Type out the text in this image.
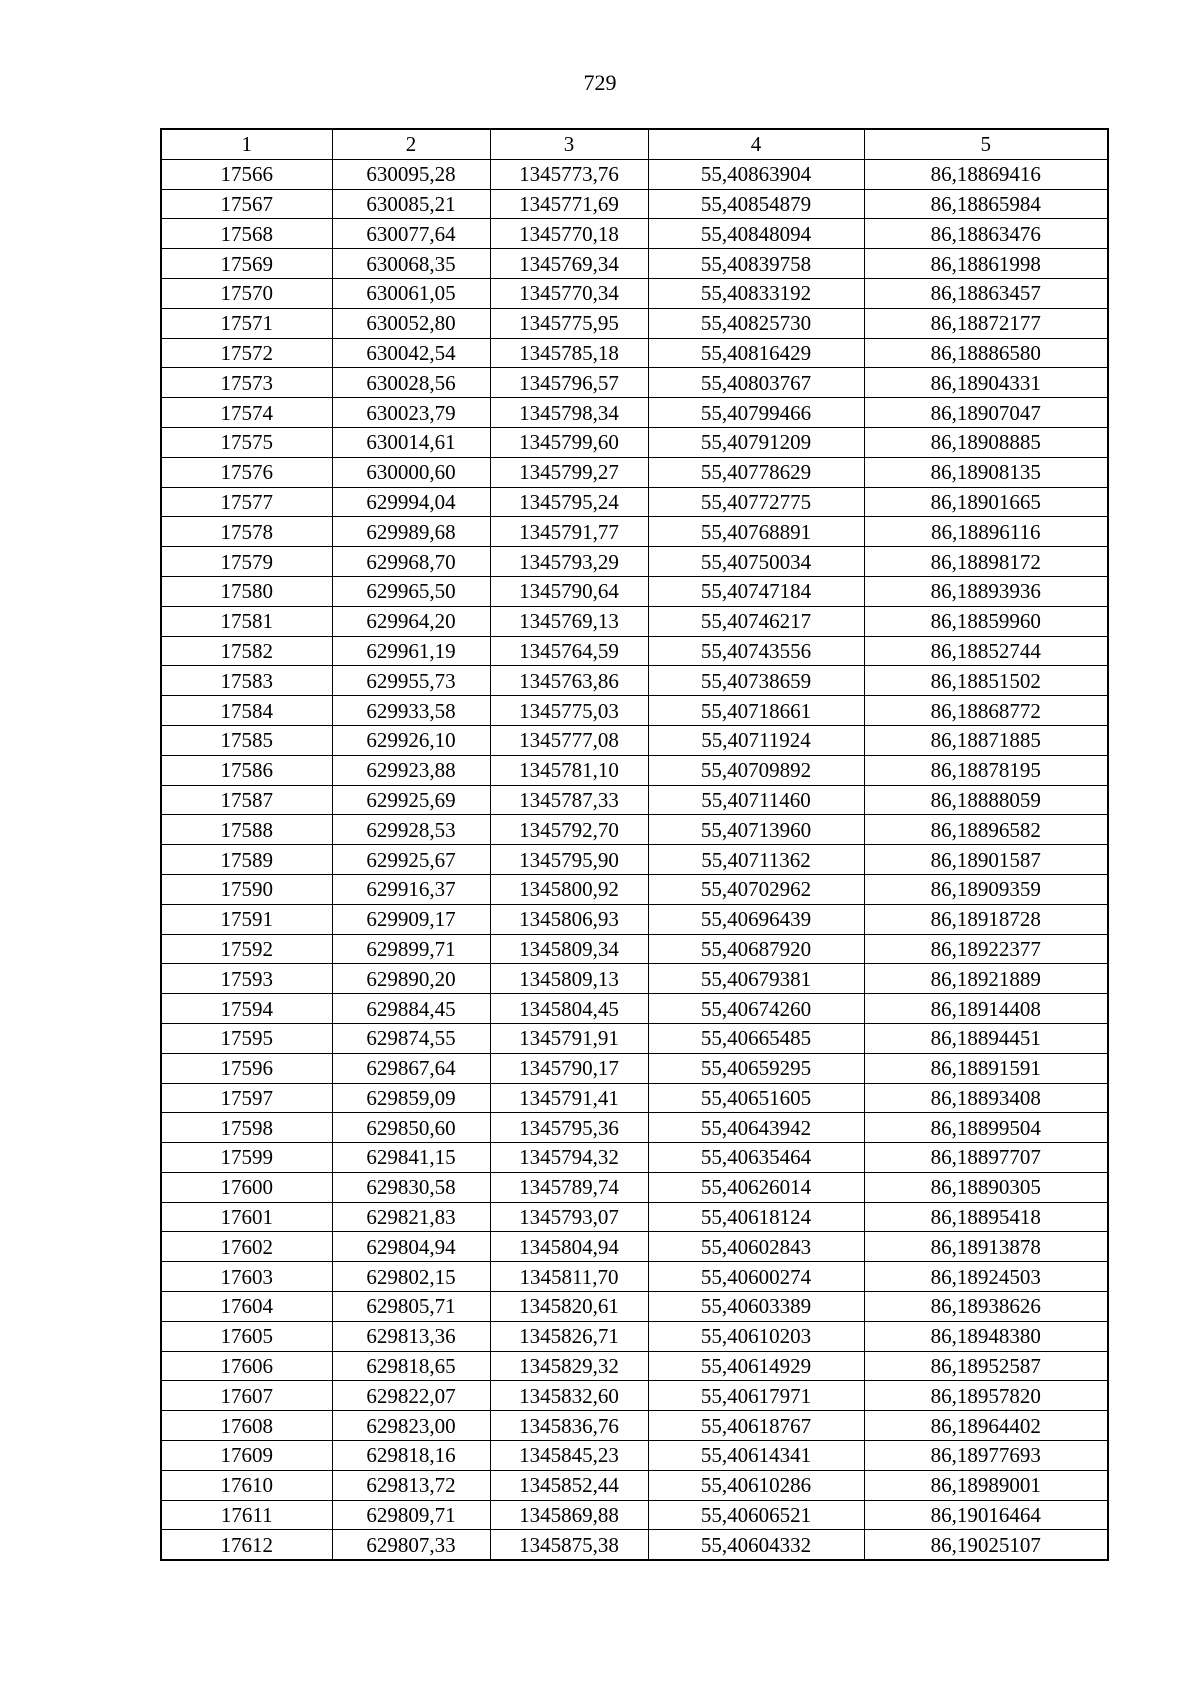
729
1	2	3	4	5
17566	630095,28	1345773,76	55,40863904	86,18869416
17567	630085,21	1345771,69	55,40854879	86,18865984
17568	630077,64	1345770,18	55,40848094	86,18863476
17569	630068,35	1345769,34	55,40839758	86,18861998
17570	630061,05	1345770,34	55,40833192	86,18863457
17571	630052,80	1345775,95	55,40825730	86,18872177
17572	630042,54	1345785,18	55,40816429	86,18886580
17573	630028,56	1345796,57	55,40803767	86,18904331
17574	630023,79	1345798,34	55,40799466	86,18907047
17575	630014,61	1345799,60	55,40791209	86,18908885
17576	630000,60	1345799,27	55,40778629	86,18908135
17577	629994,04	1345795,24	55,40772775	86,18901665
17578	629989,68	1345791,77	55,40768891	86,18896116
17579	629968,70	1345793,29	55,40750034	86,18898172
17580	629965,50	1345790,64	55,40747184	86,18893936
17581	629964,20	1345769,13	55,40746217	86,18859960
17582	629961,19	1345764,59	55,40743556	86,18852744
17583	629955,73	1345763,86	55,40738659	86,18851502
17584	629933,58	1345775,03	55,40718661	86,18868772
17585	629926,10	1345777,08	55,40711924	86,18871885
17586	629923,88	1345781,10	55,40709892	86,18878195
17587	629925,69	1345787,33	55,40711460	86,18888059
17588	629928,53	1345792,70	55,40713960	86,18896582
17589	629925,67	1345795,90	55,40711362	86,18901587
17590	629916,37	1345800,92	55,40702962	86,18909359
17591	629909,17	1345806,93	55,40696439	86,18918728
17592	629899,71	1345809,34	55,40687920	86,18922377
17593	629890,20	1345809,13	55,40679381	86,18921889
17594	629884,45	1345804,45	55,40674260	86,18914408
17595	629874,55	1345791,91	55,40665485	86,18894451
17596	629867,64	1345790,17	55,40659295	86,18891591
17597	629859,09	1345791,41	55,40651605	86,18893408
17598	629850,60	1345795,36	55,40643942	86,18899504
17599	629841,15	1345794,32	55,40635464	86,18897707
17600	629830,58	1345789,74	55,40626014	86,18890305
17601	629821,83	1345793,07	55,40618124	86,18895418
17602	629804,94	1345804,94	55,40602843	86,18913878
17603	629802,15	1345811,70	55,40600274	86,18924503
17604	629805,71	1345820,61	55,40603389	86,18938626
17605	629813,36	1345826,71	55,40610203	86,18948380
17606	629818,65	1345829,32	55,40614929	86,18952587
17607	629822,07	1345832,60	55,40617971	86,18957820
17608	629823,00	1345836,76	55,40618767	86,18964402
17609	629818,16	1345845,23	55,40614341	86,18977693
17610	629813,72	1345852,44	55,40610286	86,18989001
17611	629809,71	1345869,88	55,40606521	86,19016464
17612	629807,33	1345875,38	55,40604332	86,19025107
